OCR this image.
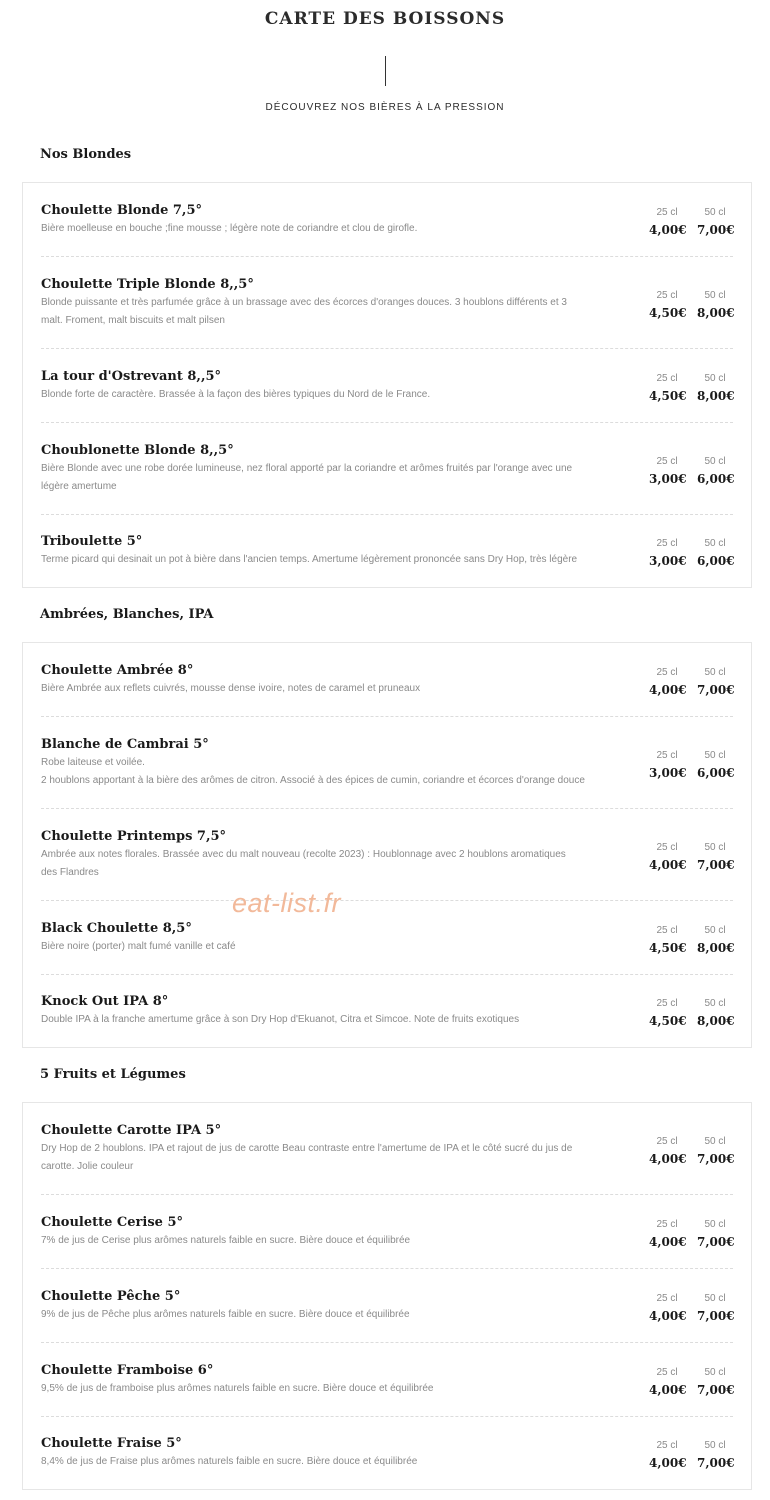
CARTE DES BOISSONS
DÉCOUVREZ NOS BIÈRES À LA PRESSION
Nos Blondes
Choulette Blonde 7,5°
Bière moelleuse en bouche ;fine mousse ; légère note de coriandre et clou de girofle.
25 cl
4,00€
50 cl
7,00€
Choulette Triple Blonde 8,,5°
Blonde puissante et très parfumée grâce à un brassage avec des écorces d'oranges douces. 3 houblons différents et 3
malt. Froment, malt biscuits et malt pilsen
25 cl
4,50€
50 cl
8,00€
La tour d'Ostrevant 8,,5°
Blonde forte de caractère. Brassée à la façon des bières typiques du Nord de le France.
25 cl
4,50€
50 cl
8,00€
Choublonette Blonde 8,,5°
Bière Blonde avec une robe dorée lumineuse, nez floral apporté par la coriandre et arômes fruités par l'orange avec une
légère amertume
25 cl
3,00€
50 cl
6,00€
Triboulette 5°
Terme picard qui desinait un pot à bière dans l'ancien temps. Amertume légèrement prononcée sans Dry Hop, très légère
25 cl
3,00€
50 cl
6,00€
Ambrées, Blanches, IPA
Choulette Ambrée 8°
Bière Ambrée aux reflets cuivrés, mousse dense ivoire, notes de caramel et pruneaux
25 cl
4,00€
50 cl
7,00€
Blanche de Cambrai 5°
Robe laiteuse et voilée.
2 houblons apportant à la bière des arômes de citron. Associé à des épices de cumin, coriandre et écorces d'orange douce
25 cl
3,00€
50 cl
6,00€
Choulette Printemps 7,5°
Ambrée aux notes florales. Brassée avec du malt nouveau (recolte 2023) : Houblonnage avec 2 houblons aromatiques
des Flandres
25 cl
4,00€
50 cl
7,00€
Black Choulette 8,5°
Bière noire (porter) malt fumé vanille et café
25 cl
4,50€
50 cl
8,00€
Knock Out IPA 8°
Double IPA à la franche amertume grâce à son Dry Hop d'Ekuanot, Citra et Simcoe. Note de fruits exotiques
25 cl
4,50€
50 cl
8,00€
5 Fruits et Légumes
Choulette Carotte IPA 5°
Dry Hop de 2 houblons. IPA et rajout de jus de carotte Beau contraste entre l'amertume de IPA et le côté sucré du jus de
carotte. Jolie couleur
25 cl
4,00€
50 cl
7,00€
Choulette Cerise 5°
7% de jus de Cerise plus arômes naturels faible en sucre. Bière douce et équilibrée
25 cl
4,00€
50 cl
7,00€
Choulette Pêche 5°
9% de jus de Pêche plus arômes naturels faible en sucre. Bière douce et équilibrée
25 cl
4,00€
50 cl
7,00€
Choulette Framboise 6°
9,5% de jus de framboise plus arômes naturels faible en sucre. Bière douce et équilibrée
25 cl
4,00€
50 cl
7,00€
Choulette Fraise 5°
8,4% de jus de Fraise plus arômes naturels faible en sucre. Bière douce et équilibrée
25 cl
4,00€
50 cl
7,00€
eat-list.fr
